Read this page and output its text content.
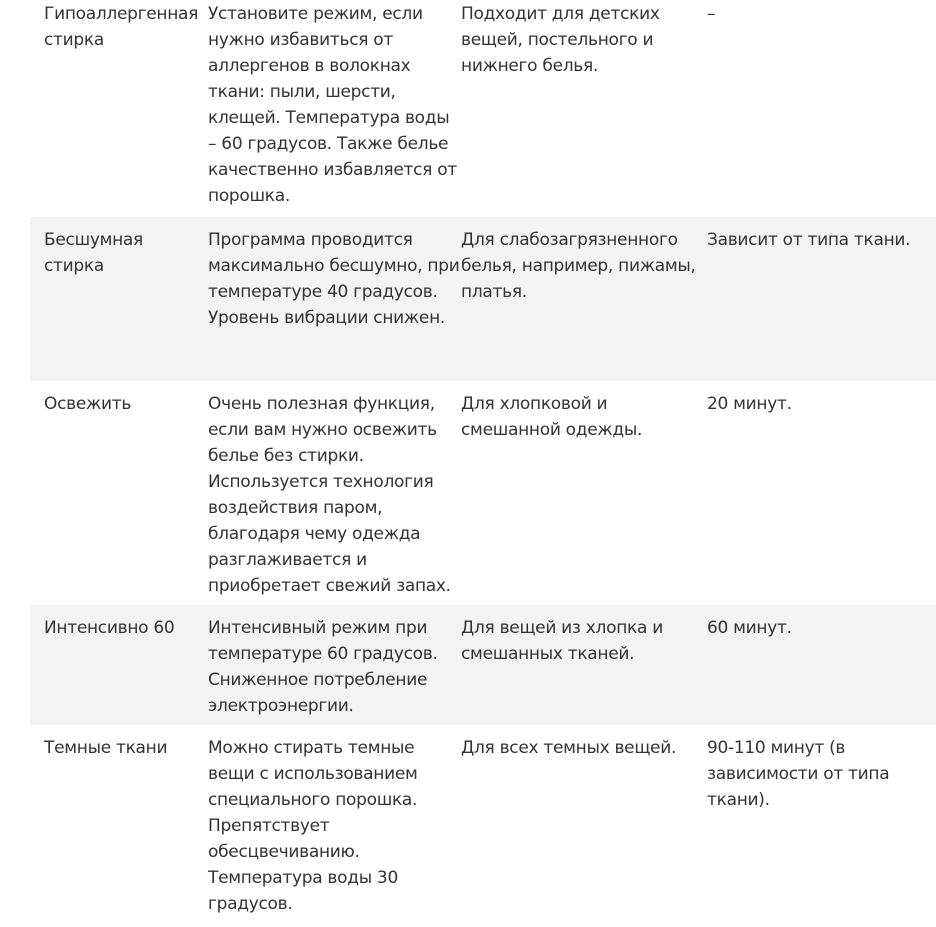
Гипоаллергенная стирка	Установите режим, если нужно избавиться от аллергенов в волокнах ткани: пыли, шерсти, клещей. Температура воды – 60 градусов. Также белье качественно избавляется от порошка.	Подходит для детских вещей, постельного и нижнего белья.	–
Бесшумная стирка	Программа проводится максимально бесшумно, при температуре 40 градусов. Уровень вибрации снижен.	Для слабозагрязненного белья, например, пижамы, платья.	Зависит от типа ткани.
Освежить	Очень полезная функция, если вам нужно освежить белье без стирки. Используется технология воздействия паром, благодаря чему одежда разглаживается и приобретает свежий запах.	Для хлопковой и смешанной одежды.	20 минут.
Интенсивно 60	Интенсивный режим при температуре 60 градусов. Сниженное потребление электроэнергии.	Для вещей из хлопка и смешанных тканей.	60 минут.
Темные ткани	Можно стирать темные вещи с использованием специального порошка. Препятствует обесцвечиванию. Температура воды 30 градусов.	Для всех темных вещей.	90-110 минут (в зависимости от типа ткани).
